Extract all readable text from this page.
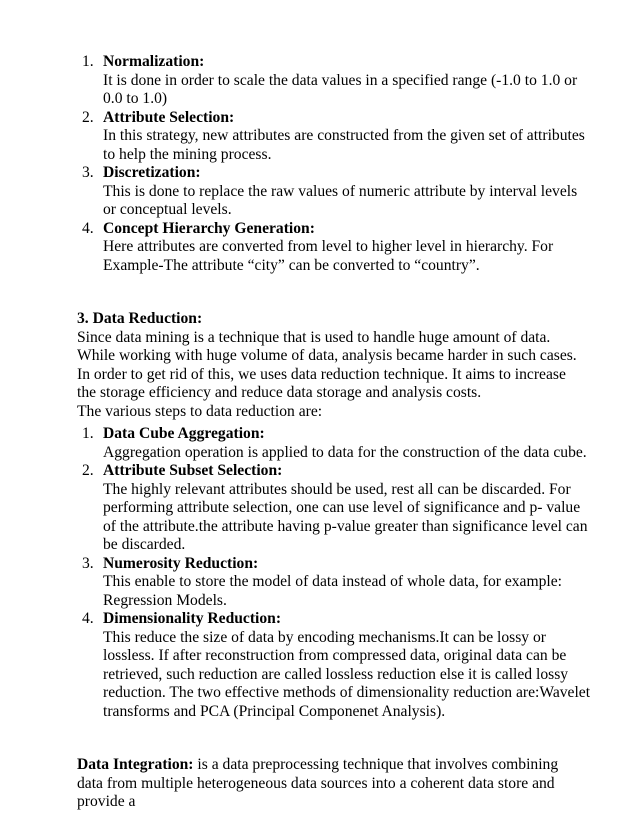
1. Normalization:
It is done in order to scale the data values in a specified range (-1.0 to 1.0 or 0.0 to 1.0)
2. Attribute Selection:
In this strategy, new attributes are constructed from the given set of attributes to help the mining process.
3. Discretization:
This is done to replace the raw values of numeric attribute by interval levels or conceptual levels.
4. Concept Hierarchy Generation:
Here attributes are converted from level to higher level in hierarchy. For Example-The attribute “city” can be converted to “country”.
3. Data Reduction:
Since data mining is a technique that is used to handle huge amount of data. While working with huge volume of data, analysis became harder in such cases. In order to get rid of this, we uses data reduction technique. It aims to increase the storage efficiency and reduce data storage and analysis costs.
The various steps to data reduction are:
1. Data Cube Aggregation:
Aggregation operation is applied to data for the construction of the data cube.
2. Attribute Subset Selection:
The highly relevant attributes should be used, rest all can be discarded. For performing attribute selection, one can use level of significance and p- value of the attribute.the attribute having p-value greater than significance level can be discarded.
3. Numerosity Reduction:
This enable to store the model of data instead of whole data, for example: Regression Models.
4. Dimensionality Reduction:
This reduce the size of data by encoding mechanisms.It can be lossy or lossless. If after reconstruction from compressed data, original data can be retrieved, such reduction are called lossless reduction else it is called lossy reduction. The two effective methods of dimensionality reduction are:Wavelet transforms and PCA (Principal Componenet Analysis).
Data Integration: is a data preprocessing technique that involves combining data from multiple heterogeneous data sources into a coherent data store and provide a
